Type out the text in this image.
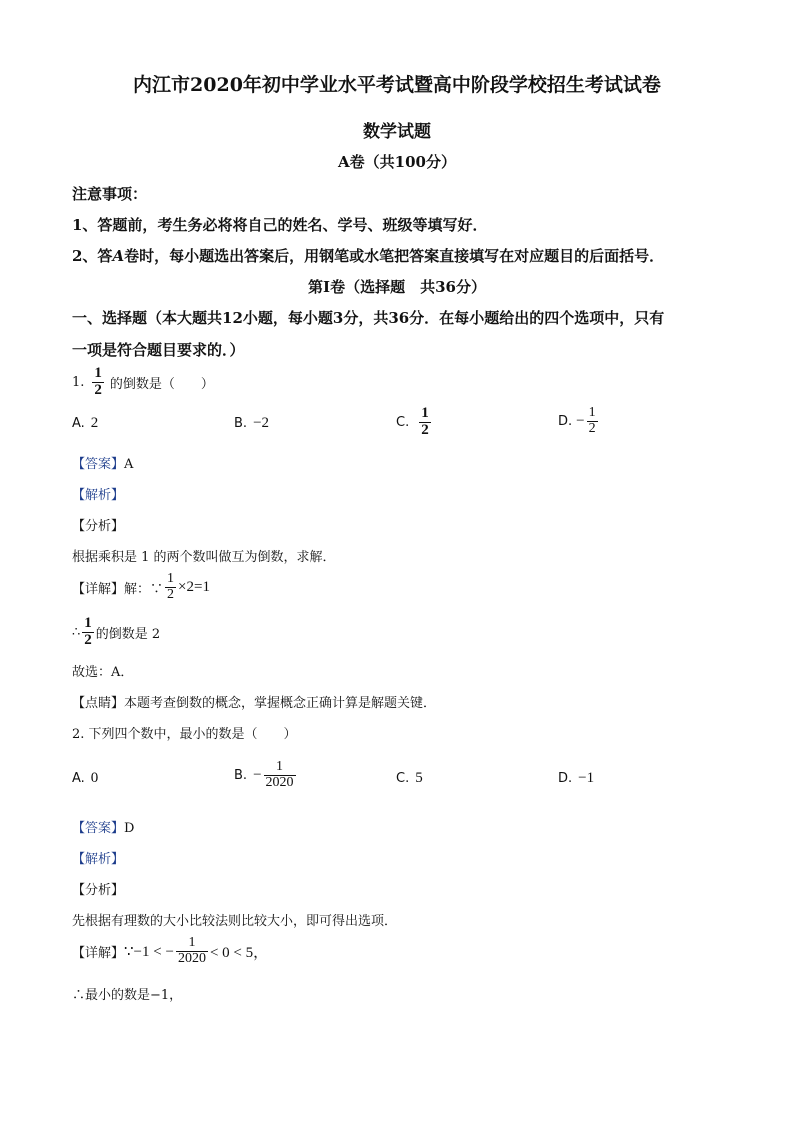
内江市2020年初中学业水平考试暨高中阶段学校招生考试试卷
数学试题
A卷（共100分）
注意事项：
1、答题前，考生务必将将自己的姓名、学号、班级等填写好．
2、答A卷时，每小题选出答案后，用钢笔或水笔把答案直接填写在对应题目的后面括号．
第Ⅰ卷（选择题　共36分）
一、选择题（本大题共12小题，每小题3分，共36分．在每小题给出的四个选项中，只有
一项是符合题目要求的．）
1. $\frac{1}{2}$ 的倒数是（　　）
A. 2	B. −2	C. $\frac{1}{2}$	D. − $\frac{1}{2}$
【答案】A
【解析】
【分析】
根据乘积是 1 的两个数叫做互为倒数，求解．
【详解】 解：∵ $\frac{1}{2} \times 2=1$
∴ $\frac{1}{2}$ 的倒数是 2
故选：A．
【点睛】本题考查倒数的概念，掌握概念正确计算是解题关键．
2. 下列四个数中，最小的数是（　　）
A. 0	B. − $\frac{1}{2020}$	C. 5	D. −1
【答案】D
【解析】
【分析】
先根据有理数的大小比较法则比较大小，即可得出选项．
【详解】 ∵−1 < − $\frac{1}{2020} < 0 < 5$，
∴最小的数是−1，
